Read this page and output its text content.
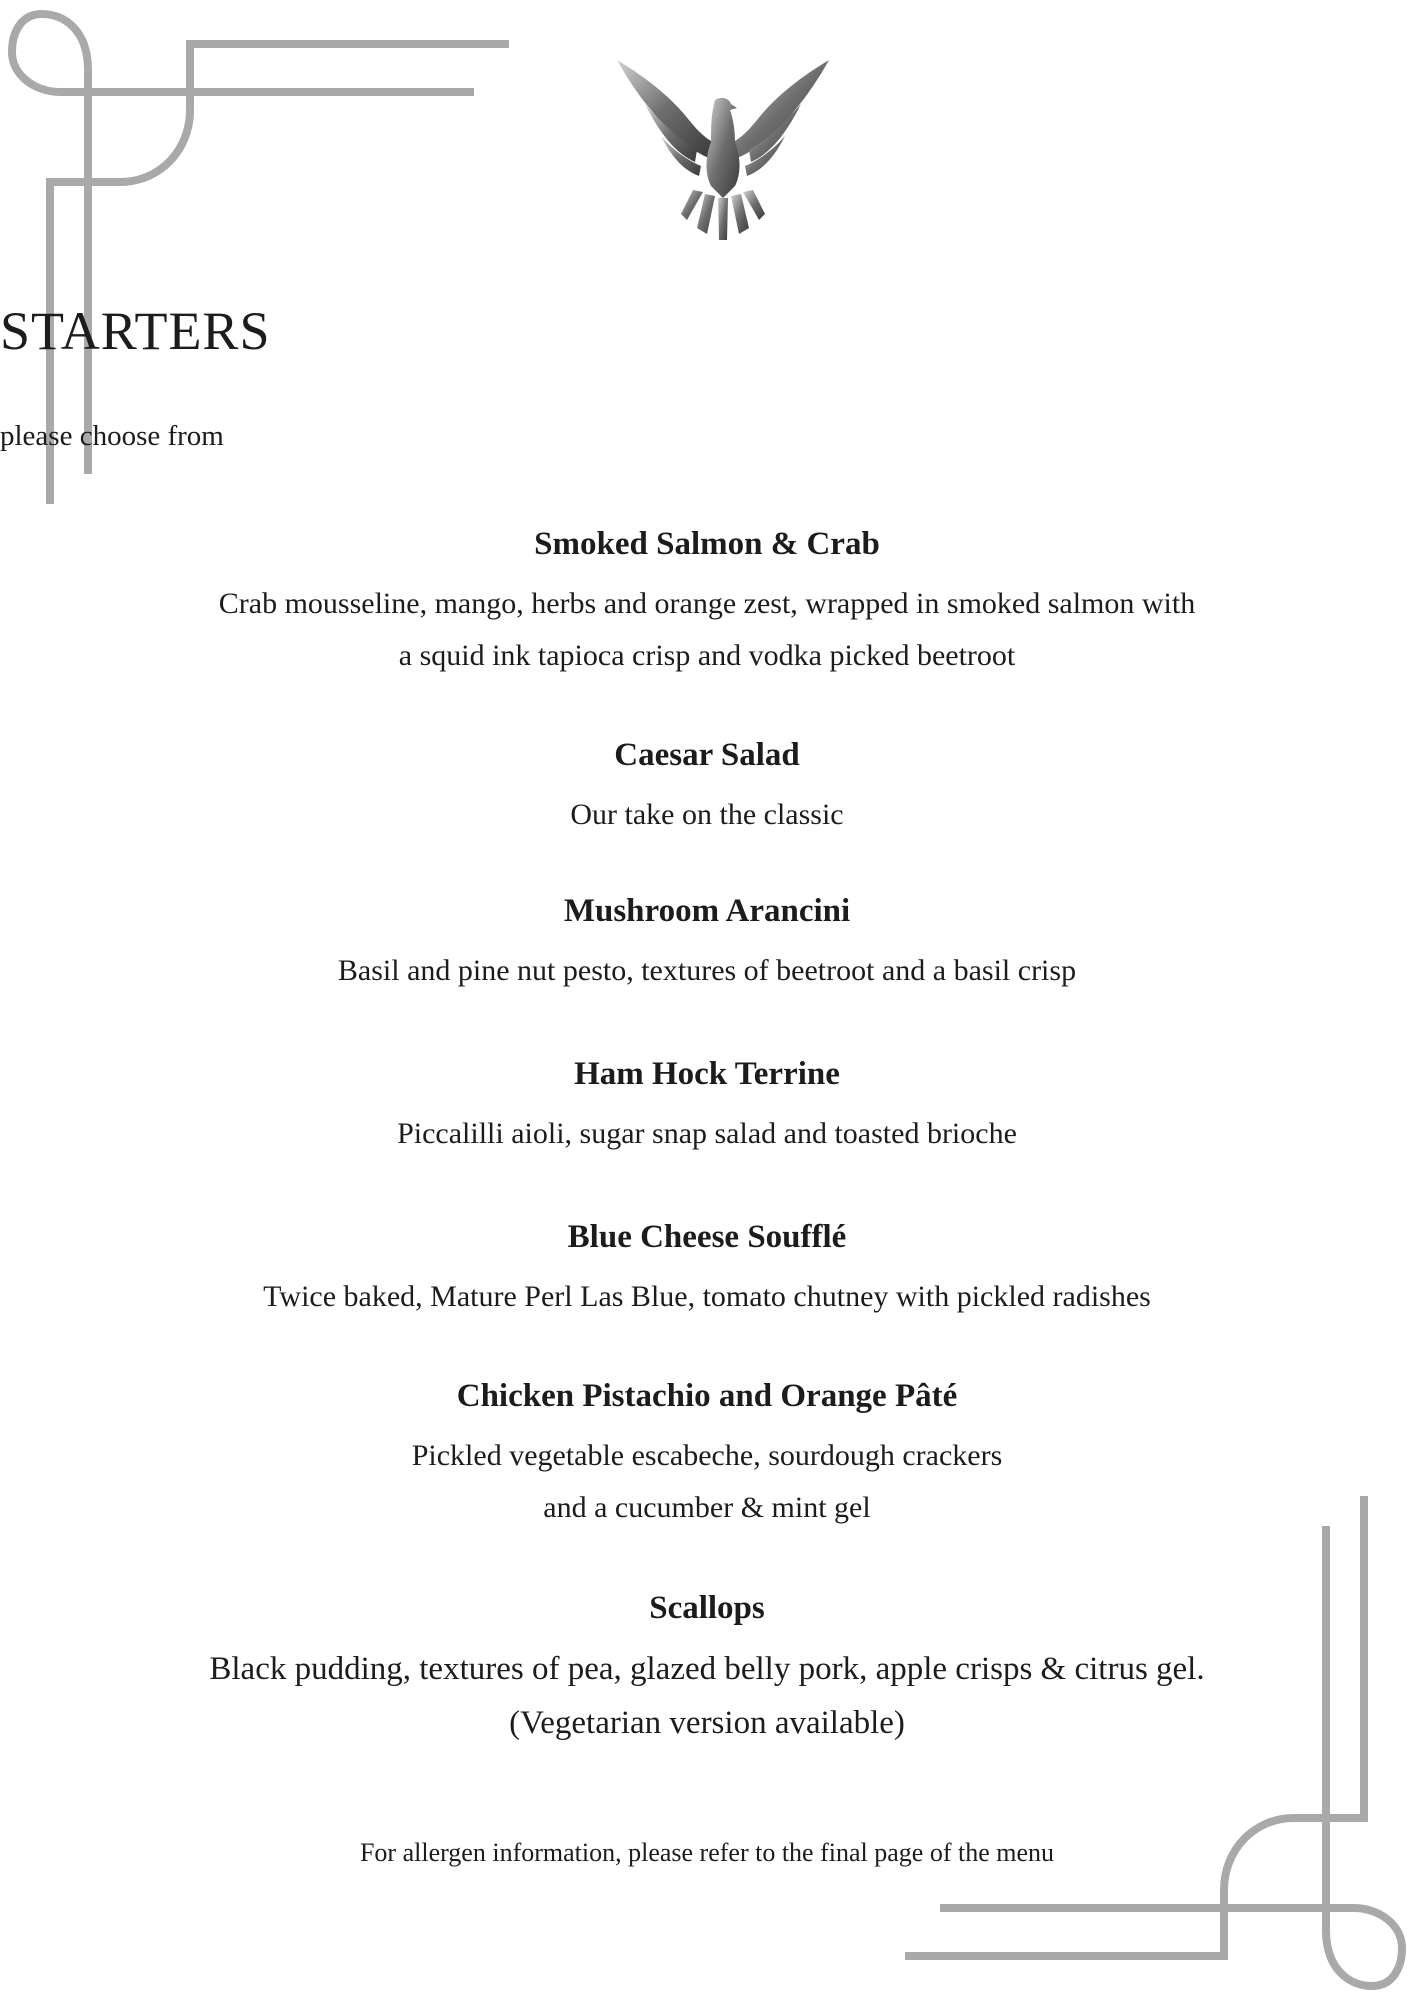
STARTERS

please choose from

Smoked Salmon & Crab

Crab mousseline, mango, herbs and orange zest, wrapped in smoked salmon with
a squid ink tapioca crisp and vodka picked beetroot

Caesar Salad

Our take on the classic

Mushroom Arancini

Basil and pine nut pesto, textures of beetroot and a basil crisp

Ham Hock Terrine

Piccalilli aioli, sugar snap salad and toasted brioche

Blue Cheese Soufflé

Twice baked, Mature Perl Las Blue, tomato chutney with pickled radishes

Chicken Pistachio and Orange Pâté

Pickled vegetable escabeche, sourdough crackers
and a cucumber & mint gel

Scallops

Black pudding, textures of pea, glazed belly pork, apple crisps & citrus gel.
(Vegetarian version available)

For allergen information, please refer to the final page of the menu
